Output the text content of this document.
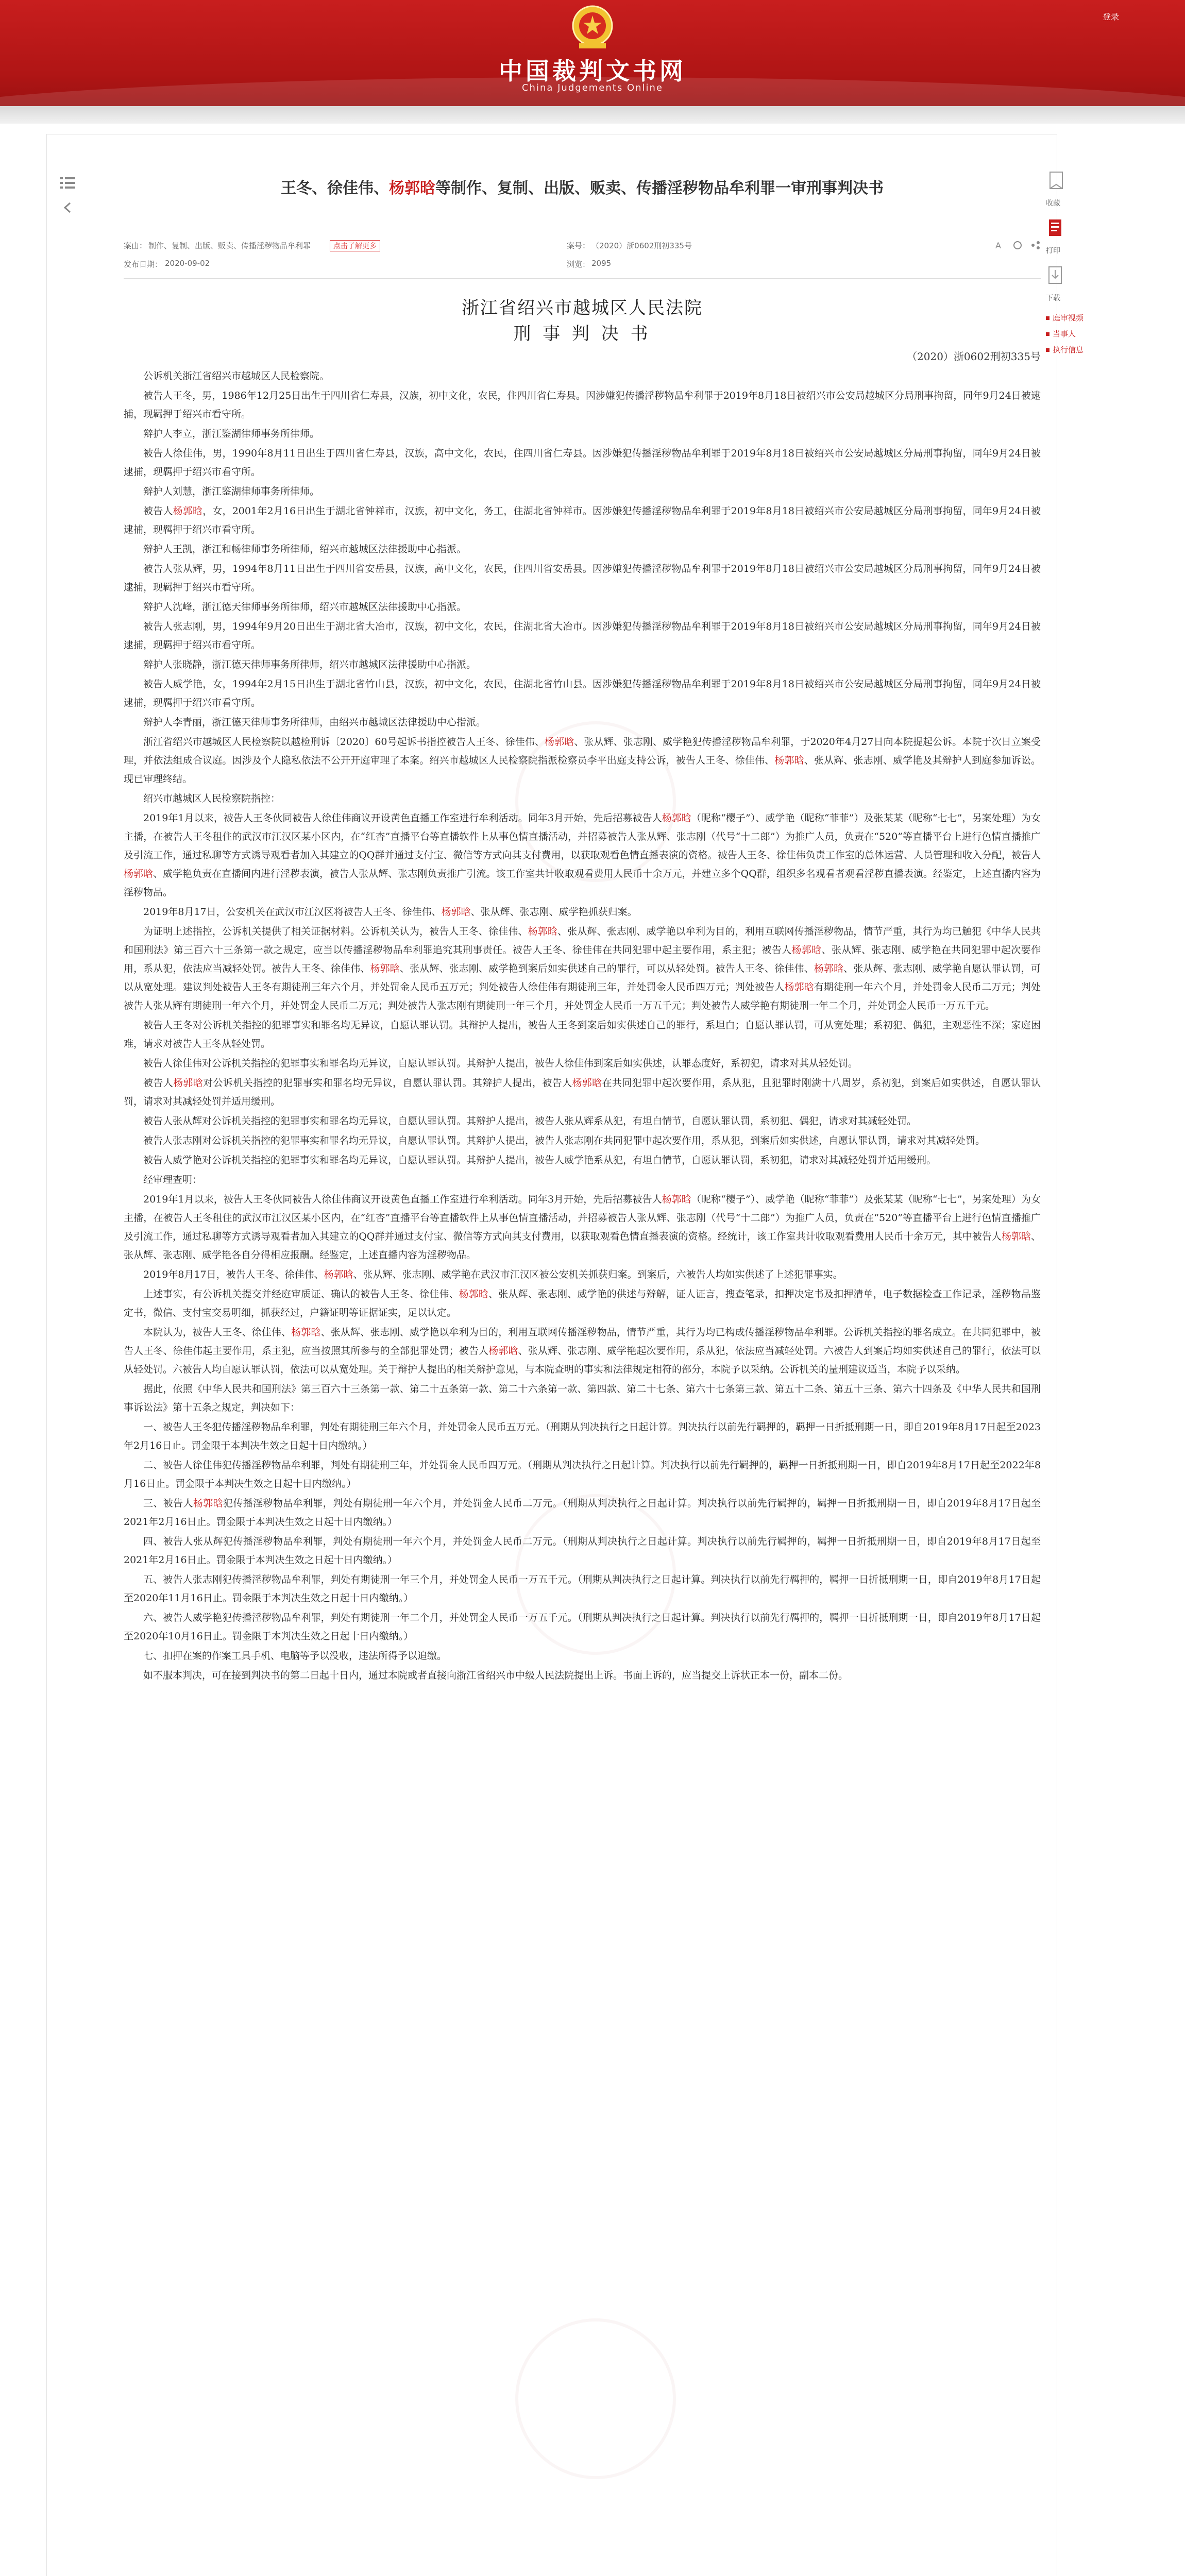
中国裁判文书网
China Judgements Online
登录

王冬、徐佳伟、杨郭晗等制作、复制、出版、贩卖、传播淫秽物品牟利罪一审刑事判决书
案由： 制作、复制、出版、贩卖、传播淫秽物品牟利罪	点击了解更多	案号： （2020）浙0602刑初335号	A

发布日期： 2020-09-02	浏览： 2095
浙江省绍兴市越城区人民法院
刑 事 判 决 书
（2020）浙0602刑初335号

公诉机关浙江省绍兴市越城区人民检察院。

被告人王冬，男，1986年12月25日出生于四川省仁寿县，汉族，初中文化，农民，住四川省仁寿县。因涉嫌犯传播淫秽物品牟利罪于2019年8月18日被绍兴市公安局越城区分局刑事拘留，同年9月24日被逮捕，现羁押于绍兴市看守所。

辩护人李立，浙江鉴湖律师事务所律师。

被告人徐佳伟，男，1990年8月11日出生于四川省仁寿县，汉族，高中文化，农民，住四川省仁寿县。因涉嫌犯传播淫秽物品牟利罪于2019年8月18日被绍兴市公安局越城区分局刑事拘留，同年9月24日被逮捕，现羁押于绍兴市看守所。

辩护人刘慧，浙江鉴湖律师事务所律师。

被告人杨郭晗，女，2001年2月16日出生于湖北省钟祥市，汉族，初中文化，务工，住湖北省钟祥市。因涉嫌犯传播淫秽物品牟利罪于2019年8月18日被绍兴市公安局越城区分局刑事拘留，同年9月24日被逮捕，现羁押于绍兴市看守所。

辩护人王凯，浙江和畅律师事务所律师，绍兴市越城区法律援助中心指派。

被告人张从辉，男，1994年8月11日出生于四川省安岳县，汉族，高中文化，农民，住四川省安岳县。因涉嫌犯传播淫秽物品牟利罪于2019年8月18日被绍兴市公安局越城区分局刑事拘留，同年9月24日被逮捕，现羁押于绍兴市看守所。

辩护人沈峰，浙江德天律师事务所律师，绍兴市越城区法律援助中心指派。

被告人张志刚，男，1994年9月20日出生于湖北省大冶市，汉族，初中文化，农民，住湖北省大冶市。因涉嫌犯传播淫秽物品牟利罪于2019年8月18日被绍兴市公安局越城区分局刑事拘留，同年9月24日被逮捕，现羁押于绍兴市看守所。

辩护人张晓静，浙江德天律师事务所律师，绍兴市越城区法律援助中心指派。

被告人威学艳，女，1994年2月15日出生于湖北省竹山县，汉族，初中文化，农民，住湖北省竹山县。因涉嫌犯传播淫秽物品牟利罪于2019年8月18日被绍兴市公安局越城区分局刑事拘留，同年9月24日被逮捕，现羁押于绍兴市看守所。

辩护人李青丽，浙江德天律师事务所律师，由绍兴市越城区法律援助中心指派。

浙江省绍兴市越城区人民检察院以越检刑诉〔2020〕60号起诉书指控被告人王冬、徐佳伟、杨郭晗、张从辉、张志刚、威学艳犯传播淫秽物品牟利罪，于2020年4月27日向本院提起公诉。本院于次日立案受理，并依法组成合议庭。因涉及个人隐私依法不公开开庭审理了本案。绍兴市越城区人民检察院指派检察员李平出庭支持公诉，被告人王冬、徐佳伟、杨郭晗、张从辉、张志刚、威学艳及其辩护人到庭参加诉讼。现已审理终结。

绍兴市越城区人民检察院指控：

2019年1月以来，被告人王冬伙同被告人徐佳伟商议开设黄色直播工作室进行牟利活动。同年3月开始，先后招募被告人杨郭晗（昵称“樱子”）、威学艳（昵称“菲菲”）及张某某（昵称“七七”，另案处理）为女主播，在被告人王冬租住的武汉市江汉区某小区内，在“红杏”直播平台等直播软件上从事色情直播活动，并招募被告人张从辉、张志刚（代号“十二郎”）为推广人员，负责在“520”等直播平台上进行色情直播推广及引流工作，通过私聊等方式诱导观看者加入其建立的QQ群并通过支付宝、微信等方式向其支付费用，以获取观看色情直播表演的资格。被告人王冬、徐佳伟负责工作室的总体运营、人员管理和收入分配，被告人杨郭晗、威学艳负责在直播间内进行淫秽表演，被告人张从辉、张志刚负责推广引流。该工作室共计收取观看费用人民币十余万元，并建立多个QQ群，组织多名观看者观看淫秽直播表演。经鉴定，上述直播内容为淫秽物品。

2019年8月17日，公安机关在武汉市江汉区将被告人王冬、徐佳伟、杨郭晗、张从辉、张志刚、威学艳抓获归案。

为证明上述指控，公诉机关提供了相关证据材料。公诉机关认为，被告人王冬、徐佳伟、杨郭晗、张从辉、张志刚、威学艳以牟利为目的，利用互联网传播淫秽物品，情节严重，其行为均已触犯《中华人民共和国刑法》第三百六十三条第一款之规定，应当以传播淫秽物品牟利罪追究其刑事责任。被告人王冬、徐佳伟在共同犯罪中起主要作用，系主犯；被告人杨郭晗、张从辉、张志刚、威学艳在共同犯罪中起次要作用，系从犯，依法应当减轻处罚。被告人王冬、徐佳伟、杨郭晗、张从辉、张志刚、威学艳到案后如实供述自己的罪行，可以从轻处罚。被告人王冬、徐佳伟、杨郭晗、张从辉、张志刚、威学艳自愿认罪认罚，可以从宽处理。建议判处被告人王冬有期徒刑三年六个月，并处罚金人民币五万元；判处被告人徐佳伟有期徒刑三年，并处罚金人民币四万元；判处被告人杨郭晗有期徒刑一年六个月，并处罚金人民币二万元；判处被告人张从辉有期徒刑一年六个月，并处罚金人民币二万元；判处被告人张志刚有期徒刑一年三个月，并处罚金人民币一万五千元；判处被告人威学艳有期徒刑一年二个月，并处罚金人民币一万五千元。

被告人王冬对公诉机关指控的犯罪事实和罪名均无异议，自愿认罪认罚。其辩护人提出，被告人王冬到案后如实供述自己的罪行，系坦白；自愿认罪认罚，可从宽处理；系初犯、偶犯，主观恶性不深；家庭困难，请求对被告人王冬从轻处罚。

被告人徐佳伟对公诉机关指控的犯罪事实和罪名均无异议，自愿认罪认罚。其辩护人提出，被告人徐佳伟到案后如实供述，认罪态度好，系初犯，请求对其从轻处罚。

被告人杨郭晗对公诉机关指控的犯罪事实和罪名均无异议，自愿认罪认罚。其辩护人提出，被告人杨郭晗在共同犯罪中起次要作用，系从犯，且犯罪时刚满十八周岁，系初犯，到案后如实供述，自愿认罪认罚，请求对其减轻处罚并适用缓刑。

被告人张从辉对公诉机关指控的犯罪事实和罪名均无异议，自愿认罪认罚。其辩护人提出，被告人张从辉系从犯，有坦白情节，自愿认罪认罚，系初犯、偶犯，请求对其减轻处罚。

被告人张志刚对公诉机关指控的犯罪事实和罪名均无异议，自愿认罪认罚。其辩护人提出，被告人张志刚在共同犯罪中起次要作用，系从犯，到案后如实供述，自愿认罪认罚，请求对其减轻处罚。

被告人威学艳对公诉机关指控的犯罪事实和罪名均无异议，自愿认罪认罚。其辩护人提出，被告人威学艳系从犯，有坦白情节，自愿认罪认罚，系初犯，请求对其减轻处罚并适用缓刑。

经审理查明：

2019年1月以来，被告人王冬伙同被告人徐佳伟商议开设黄色直播工作室进行牟利活动。同年3月开始，先后招募被告人杨郭晗（昵称“樱子”）、威学艳（昵称“菲菲”）及张某某（昵称“七七”，另案处理）为女主播，在被告人王冬租住的武汉市江汉区某小区内，在“红杏”直播平台等直播软件上从事色情直播活动，并招募被告人张从辉、张志刚（代号“十二郎”）为推广人员，负责在“520”等直播平台上进行色情直播推广及引流工作，通过私聊等方式诱导观看者加入其建立的QQ群并通过支付宝、微信等方式向其支付费用，以获取观看色情直播表演的资格。经统计，该工作室共计收取观看费用人民币十余万元，其中被告人杨郭晗、张从辉、张志刚、威学艳各自分得相应报酬。经鉴定，上述直播内容为淫秽物品。

2019年8月17日，被告人王冬、徐佳伟、杨郭晗、张从辉、张志刚、威学艳在武汉市江汉区被公安机关抓获归案。到案后，六被告人均如实供述了上述犯罪事实。

上述事实，有公诉机关提交并经庭审质证、确认的被告人王冬、徐佳伟、杨郭晗、张从辉、张志刚、威学艳的供述与辩解，证人证言，搜查笔录，扣押决定书及扣押清单，电子数据检查工作记录，淫秽物品鉴定书，微信、支付宝交易明细，抓获经过，户籍证明等证据证实，足以认定。

本院认为，被告人王冬、徐佳伟、杨郭晗、张从辉、张志刚、威学艳以牟利为目的，利用互联网传播淫秽物品，情节严重，其行为均已构成传播淫秽物品牟利罪。公诉机关指控的罪名成立。在共同犯罪中，被告人王冬、徐佳伟起主要作用，系主犯，应当按照其所参与的全部犯罪处罚；被告人杨郭晗、张从辉、张志刚、威学艳起次要作用，系从犯，依法应当减轻处罚。六被告人到案后均如实供述自己的罪行，依法可以从轻处罚。六被告人均自愿认罪认罚，依法可以从宽处理。关于辩护人提出的相关辩护意见，与本院查明的事实和法律规定相符的部分，本院予以采纳。公诉机关的量刑建议适当，本院予以采纳。

据此，依照《中华人民共和国刑法》第三百六十三条第一款、第二十五条第一款、第二十六条第一款、第四款、第二十七条、第六十七条第三款、第五十二条、第五十三条、第六十四条及《中华人民共和国刑事诉讼法》第十五条之规定，判决如下：

一、被告人王冬犯传播淫秽物品牟利罪，判处有期徒刑三年六个月，并处罚金人民币五万元。（刑期从判决执行之日起计算。判决执行以前先行羁押的，羁押一日折抵刑期一日，即自2019年8月17日起至2023年2月16日止。罚金限于本判决生效之日起十日内缴纳。）

二、被告人徐佳伟犯传播淫秽物品牟利罪，判处有期徒刑三年，并处罚金人民币四万元。（刑期从判决执行之日起计算。判决执行以前先行羁押的，羁押一日折抵刑期一日，即自2019年8月17日起至2022年8月16日止。罚金限于本判决生效之日起十日内缴纳。）

三、被告人杨郭晗犯传播淫秽物品牟利罪，判处有期徒刑一年六个月，并处罚金人民币二万元。（刑期从判决执行之日起计算。判决执行以前先行羁押的，羁押一日折抵刑期一日，即自2019年8月17日起至2021年2月16日止。罚金限于本判决生效之日起十日内缴纳。）

四、被告人张从辉犯传播淫秽物品牟利罪，判处有期徒刑一年六个月，并处罚金人民币二万元。（刑期从判决执行之日起计算。判决执行以前先行羁押的，羁押一日折抵刑期一日，即自2019年8月17日起至2021年2月16日止。罚金限于本判决生效之日起十日内缴纳。）

五、被告人张志刚犯传播淫秽物品牟利罪，判处有期徒刑一年三个月，并处罚金人民币一万五千元。（刑期从判决执行之日起计算。判决执行以前先行羁押的，羁押一日折抵刑期一日，即自2019年8月17日起至2020年11月16日止。罚金限于本判决生效之日起十日内缴纳。）

六、被告人威学艳犯传播淫秽物品牟利罪，判处有期徒刑一年二个月，并处罚金人民币一万五千元。（刑期从判决执行之日起计算。判决执行以前先行羁押的，羁押一日折抵刑期一日，即自2019年8月17日起至2020年10月16日止。罚金限于本判决生效之日起十日内缴纳。）

七、扣押在案的作案工具手机、电脑等予以没收，违法所得予以追缴。

如不服本判决，可在接到判决书的第二日起十日内，通过本院或者直接向浙江省绍兴市中级人民法院提出上诉。书面上诉的，应当提交上诉状正本一份，副本二份。

收藏
打印
下载
庭审视频
当事人
执行信息
